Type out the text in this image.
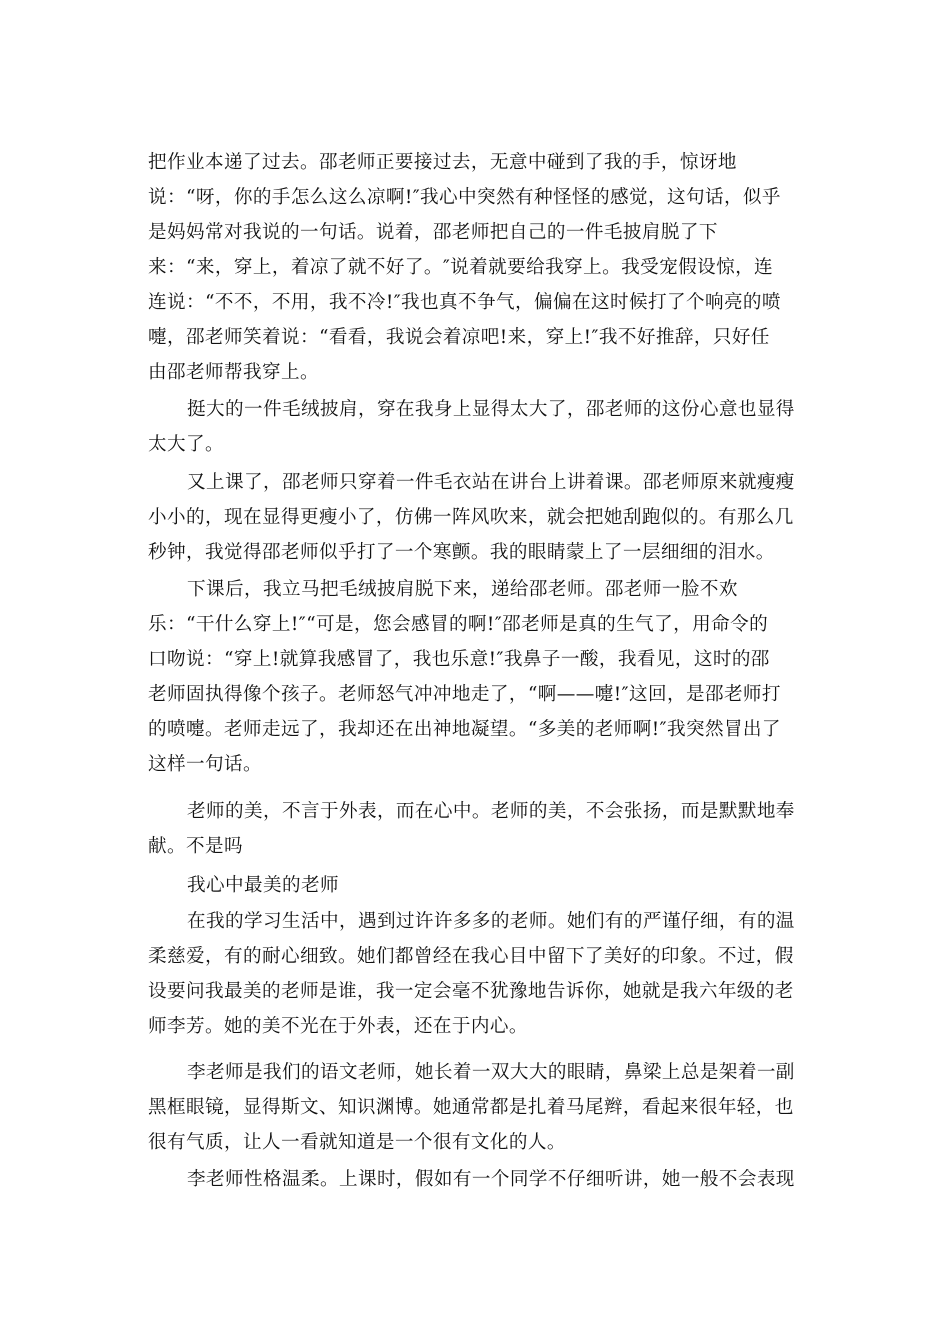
把作业本递了过去。邵老师正要接过去，无意中碰到了我的手，惊讶地
说：“呀，你的手怎么这么凉啊!″我心中突然有种怪怪的感觉，这句话，似乎
是妈妈常对我说的一句话。说着，邵老师把自己的一件毛披肩脱了下
来：“来，穿上，着凉了就不好了。″说着就要给我穿上。我受宠假设惊，连
连说：“不不，不用，我不冷!″我也真不争气，偏偏在这时候打了个响亮的喷
嚏，邵老师笑着说：“看看，我说会着凉吧!来，穿上!″我不好推辞，只好任
由邵老师帮我穿上。
挺大的一件毛绒披肩，穿在我身上显得太大了，邵老师的这份心意也显得
太大了。
又上课了，邵老师只穿着一件毛衣站在讲台上讲着课。邵老师原来就瘦瘦
小小的，现在显得更瘦小了，仿佛一阵风吹来，就会把她刮跑似的。有那么几
秒钟，我觉得邵老师似乎打了一个寒颤。我的眼睛蒙上了一层细细的泪水。
下课后，我立马把毛绒披肩脱下来，递给邵老师。邵老师一脸不欢
乐：“干什么穿上!″“可是，您会感冒的啊!″邵老师是真的生气了，用命令的
口吻说：“穿上!就算我感冒了，我也乐意!″我鼻子一酸，我看见，这时的邵
老师固执得像个孩子。老师怒气冲冲地走了，“啊——嚏!″这回，是邵老师打
的喷嚏。老师走远了，我却还在出神地凝望。“多美的老师啊!″我突然冒出了
这样一句话。
老师的美，不言于外表，而在心中。老师的美，不会张扬，而是默默地奉
献。不是吗
我心中最美的老师
在我的学习生活中，遇到过许许多多的老师。她们有的严谨仔细，有的温
柔慈爱，有的耐心细致。她们都曾经在我心目中留下了美好的印象。不过，假
设要问我最美的老师是谁，我一定会毫不犹豫地告诉你，她就是我六年级的老
师李芳。她的美不光在于外表，还在于内心。
李老师是我们的语文老师，她长着一双大大的眼睛，鼻梁上总是架着一副
黑框眼镜，显得斯文、知识渊博。她通常都是扎着马尾辫，看起来很年轻，也
很有气质，让人一看就知道是一个很有文化的人。
李老师性格温柔。上课时，假如有一个同学不仔细听讲，她一般不会表现
